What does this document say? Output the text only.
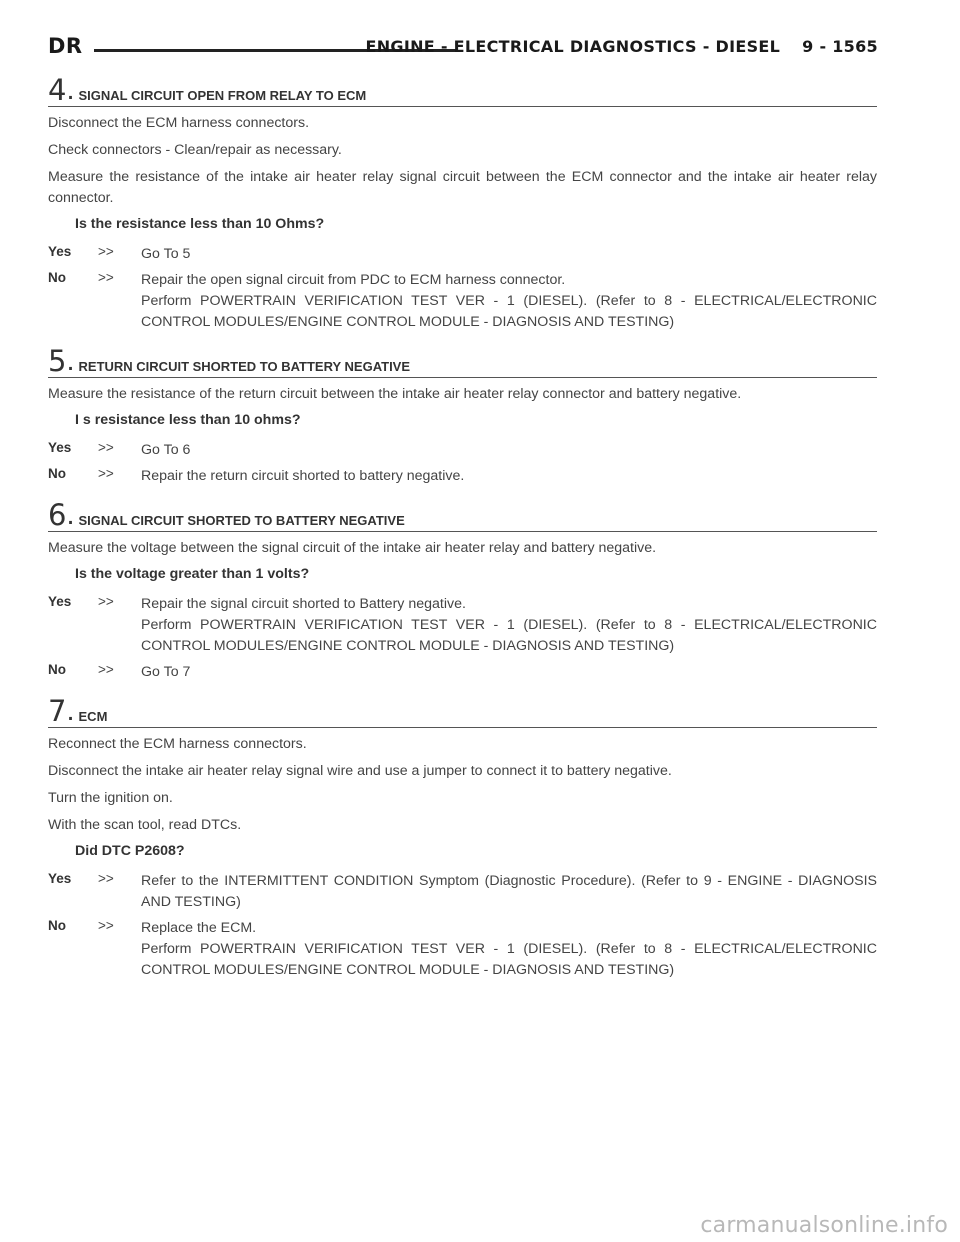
DR	ENGINE - ELECTRICAL DIAGNOSTICS - DIESEL 9 - 1565
4 . SIGNAL CIRCUIT OPEN FROM RELAY TO ECM

Disconnect the ECM harness connectors.

Check connectors - Clean/repair as necessary.

Measure the resistance of the intake air heater relay signal circuit between the ECM connector and the intake air heater relay connector.

Is the resistance less than 10 Ohms?

Yes	>>	Go To 5
No	>>	Repair the open signal circuit from PDC to ECM harness connector.
Perform POWERTRAIN VERIFICATION TEST VER - 1 (DIESEL). (Refer to 8 - ELECTRICAL/ELECTRONIC CONTROL MODULES/ENGINE CONTROL MODULE - DIAGNOSIS AND TESTING)
5 . RETURN CIRCUIT SHORTED TO BATTERY NEGATIVE

Measure the resistance of the return circuit between the intake air heater relay connector and battery negative.

I s resistance less than 10 ohms?

Yes	>>	Go To 6
No	>>	Repair the return circuit shorted to battery negative.
6 . SIGNAL CIRCUIT SHORTED TO BATTERY NEGATIVE

Measure the voltage between the signal circuit of the intake air heater relay and battery negative.

Is the voltage greater than 1 volts?

Yes	>>	Repair the signal circuit shorted to Battery negative.
Perform POWERTRAIN VERIFICATION TEST VER - 1 (DIESEL). (Refer to 8 - ELECTRICAL/ELECTRONIC CONTROL MODULES/ENGINE CONTROL MODULE - DIAGNOSIS AND TESTING)
No	>>	Go To 7
7 . ECM

Reconnect the ECM harness connectors.

Disconnect the intake air heater relay signal wire and use a jumper to connect it to battery negative.

Turn the ignition on.

With the scan tool, read DTCs.

Did DTC P2608?

Yes	>>	Refer to the INTERMITTENT CONDITION Symptom (Diagnostic Procedure). (Refer to 9 - ENGINE - DIAGNOSIS AND TESTING)
No	>>	Replace the ECM.
Perform POWERTRAIN VERIFICATION TEST VER - 1 (DIESEL). (Refer to 8 - ELECTRICAL/ELECTRONIC CONTROL MODULES/ENGINE CONTROL MODULE - DIAGNOSIS AND TESTING)
carmanualsonline.info
